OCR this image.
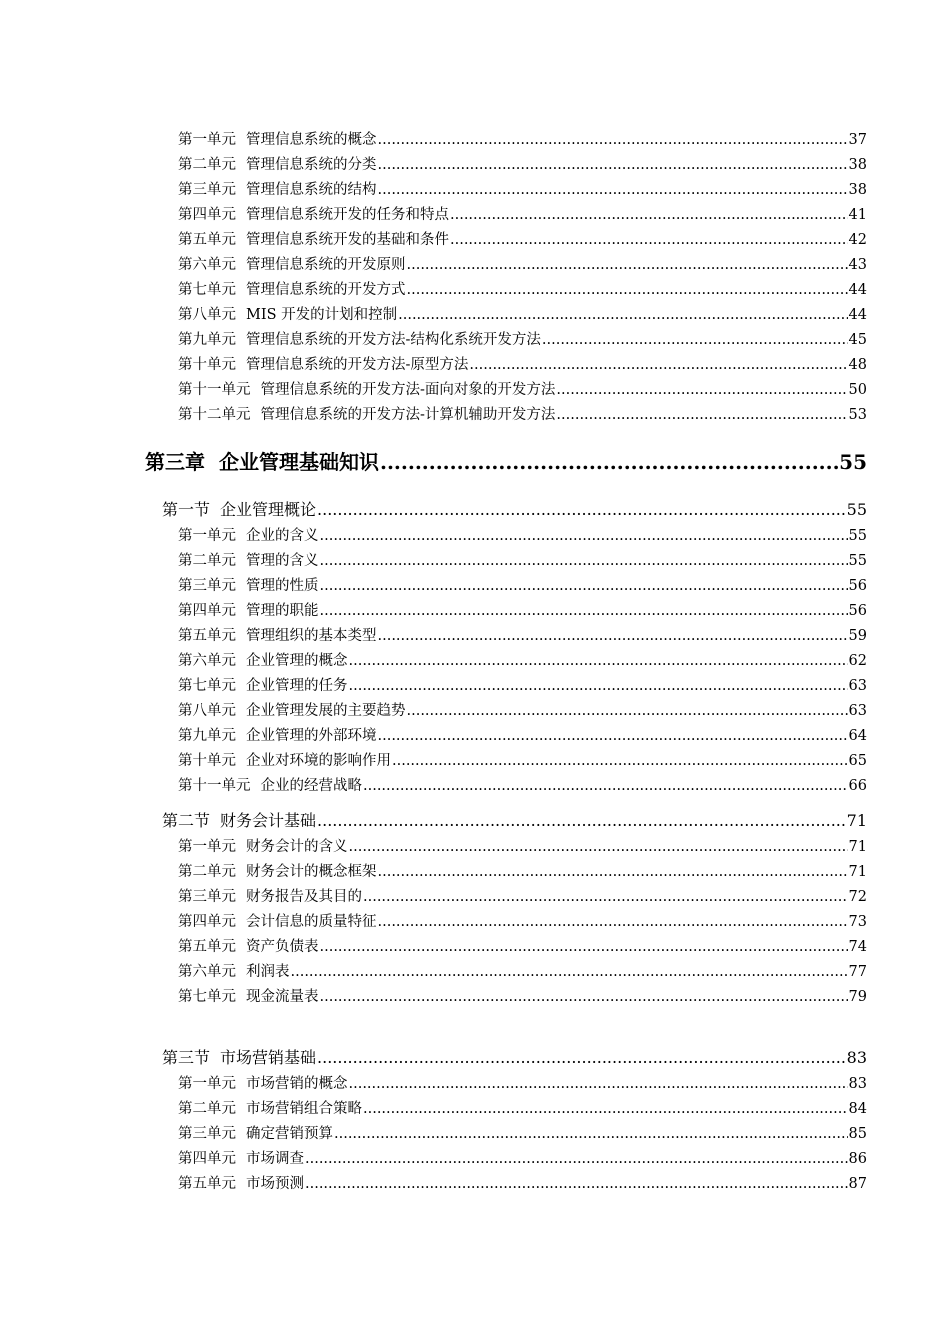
第一单元 管理信息系统的概念 .....	37
第二单元 管理信息系统的分类 .....	38
第三单元 管理信息系统的结构 .....	38
第四单元 管理信息系统开发的任务和特点 .....	41
第五单元 管理信息系统开发的基础和条件 .....	42
第六单元 管理信息系统的开发原则 .....	43
第七单元 管理信息系统的开发方式 .....	44
第八单元 MIS 开发的计划和控制 .....	44
第九单元 管理信息系统的开发方法-结构化系统开发方法 .....	45
第十单元 管理信息系统的开发方法-原型方法 .....	48
第十一单元 管理信息系统的开发方法-面向对象的开发方法 .....	50
第十二单元 管理信息系统的开发方法-计算机辅助开发方法 .....	53
第三章 企业管理基础知识 .....	55
第一节 企业管理概论 .....	55
第一单元 企业的含义 .....	55
第二单元 管理的含义 .....	55
第三单元 管理的性质 .....	56
第四单元 管理的职能 .....	56
第五单元 管理组织的基本类型 .....	59
第六单元 企业管理的概念 .....	62
第七单元 企业管理的任务 .....	63
第八单元 企业管理发展的主要趋势 .....	63
第九单元 企业管理的外部环境 .....	64
第十单元 企业对环境的影响作用 .....	65
第十一单元 企业的经营战略 .....	66
第二节 财务会计基础 .....	71
第一单元 财务会计的含义 .....	71
第二单元 财务会计的概念框架 .....	71
第三单元 财务报告及其目的 .....	72
第四单元 会计信息的质量特征 .....	73
第五单元 资产负债表 .....	74
第六单元 利润表 .....	77
第七单元 现金流量表 .....	79
第三节 市场营销基础 .....	83
第一单元 市场营销的概念 .....	83
第二单元 市场营销组合策略 .....	84
第三单元 确定营销预算 .....	85
第四单元 市场调查 .....	86
第五单元 市场预测 .....	87
